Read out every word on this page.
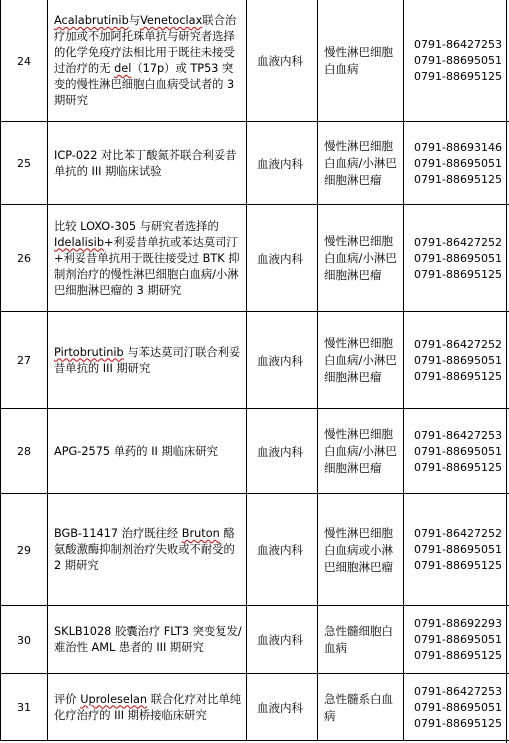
24
Acalabrutinib与Venetoclax联合治疗加或不加阿托珠单抗与研究者选择的化学免疫疗法相比用于既往未接受过治疗的无 del（17p）或 TP53 突变的慢性淋巴细胞白血病受试者的 3 期研究
血液内科
慢性淋巴细胞白血病
0791-86427253
0791-88695051
0791-88695125
25
ICP-022 对比苯丁酸氮芥联合利妥昔单抗的 III 期临床试验
血液内科
慢性淋巴细胞白血病/小淋巴细胞淋巴瘤
0791-88693146
0791-88695051
0791-88695125
26
比较 LOXO-305 与研究者选择的 Idelalisib+利妥昔单抗或苯达莫司汀+利妥昔单抗用于既往接受过 BTK 抑制剂治疗的慢性淋巴细胞白血病/小淋巴细胞淋巴瘤的 3 期研究
血液内科
慢性淋巴细胞白血病/小淋巴细胞淋巴瘤
0791-86427252
0791-88695051
0791-88695125
27
Pirtobrutinib 与苯达莫司汀联合利妥昔单抗的 III 期研究
血液内科
慢性淋巴细胞白血病/小淋巴细胞淋巴瘤
0791-86427252
0791-88695051
0791-88695125
28 APG-2575 单药的 II 期临床研究	血液内科
慢性淋巴细胞白血病/小淋巴细胞淋巴瘤
0791-86427253
0791-88695051
0791-88695125
29
BGB-11417 治疗既往经 Bruton 酪氨酸激酶抑制剂治疗失败或不耐受的 2 期研究
血液内科
慢性淋巴细胞白血病或小淋巴细胞淋巴瘤
0791-86427252
0791-88695051
0791-88695125
30
SKLB1028 胶囊治疗 FLT3 突变复发/难治性 AML 患者的 III 期研究
血液内科
急性髓细胞白血病
0791-88692293
0791-88695051
0791-88695125
31
评价 Uproleselan 联合化疗对比单纯化疗治疗的 III 期桥接临床研究
血液内科
急性髓系白血病
0791-86427253
0791-88695051
0791-88695125
